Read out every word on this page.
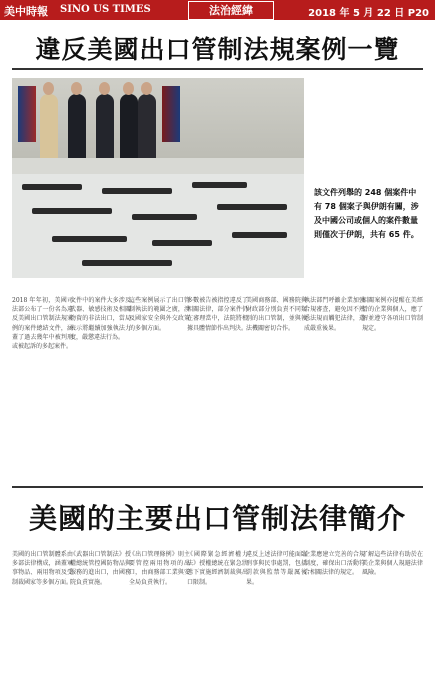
美中時報 SINO US TIMES	法治經緯	2018 年 5 月 22 日 P20
違反美國出口管制法規案例一覽
該文件列舉的 248 個案件中有 78 個案子與伊朗有關，涉及中國公司或個人的案件數量則僅次于伊朗，共有 65 件。
2018 年年初，美國司法部公布了一份名為違反美國出口管制法規案例的案件總結文件，涵蓋了過去幾年中被判刑或被起訴的多起案件。
文件中的案件大多涉及武器、敏感技術及相關物資的非法出口，當局表示將繼續加強執法力度，嚴懲違法行為。
這些案例展示了出口管制執法的範圍之廣，涉及國家安全與外交政策的多個方面。
多數被告被指控違反了相關法律，部分案件仍在審理當中，法院將根據具體情節作出判決。
美國商務部、國務院與財政部分別負責不同類別的出口管制，並與執法機關密切合作。
執法部門呼籲企業加強合規審查，避免因不熟悉法規而觸犯法律，造成嚴重後果。
相關案例亦提醒在美經營的企業與個人，應了解並遵守各項出口管制規定。
美國的主要出口管制法律簡介
美國的出口管制體系由多部法律構成，涵蓋軍事物品、兩用物項及受制裁國家等多個方面。
《武器出口管制法》授權總統管控國防物品與服務的進出口，由國務院負責實施。
《出口管理條例》則主要管控兩用物項的出口，由商務部工業與安全局負責執行。
《國際緊急經濟權力法》授權總統在緊急狀態下實施經濟制裁與出口限制。
違反上述法律可能面臨刑事與民事處罰，包括罰款與監禁等嚴厲後果。
企業應建立完善的合規制度，確保出口活動符合相關法律的規定。
了解這些法律有助於在美企業與個人規避法律風險。
